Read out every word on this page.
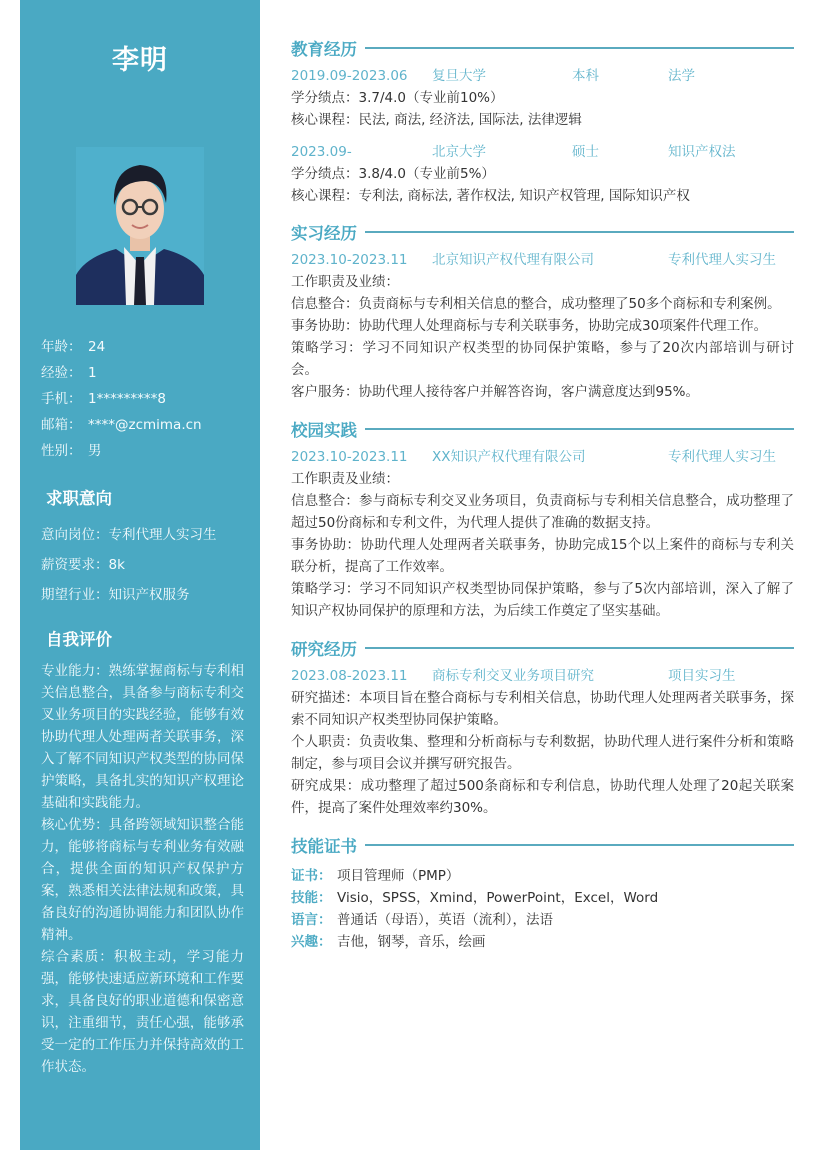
李明
年龄： 24
经验： 1
手机： 1*********8
邮箱： ****@zcmima.cn
性别： 男
求职意向
意向岗位：专利代理人实习生
薪资要求：8k
期望行业：知识产权服务
自我评价
专业能力：熟练掌握商标与专利相关信息整合，具备参与商标专利交叉业务项目的实践经验，能够有效协助代理人处理两者关联事务，深入了解不同知识产权类型的协同保护策略，具备扎实的知识产权理论基础和实践能力。
核心优势：具备跨领域知识整合能力，能够将商标与专利业务有效融合，提供全面的知识产权保护方案，熟悉相关法律法规和政策，具备良好的沟通协调能力和团队协作精神。
综合素质：积极主动，学习能力强，能够快速适应新环境和工作要求，具备良好的职业道德和保密意识，注重细节，责任心强，能够承受一定的工作压力并保持高效的工作状态。
教育经历
2019.09-2023.06 复旦大学	本科	法学
学分绩点：3.7/4.0（专业前10%）
核心课程：民法, 商法, 经济法, 国际法, 法律逻辑
2023.09-	北京大学	硕士	知识产权法
学分绩点：3.8/4.0（专业前5%）
核心课程：专利法, 商标法, 著作权法, 知识产权管理, 国际知识产权
实习经历
2023.10-2023.11 北京知识产权代理有限公司	专利代理人实习生
工作职责及业绩：
信息整合：负责商标与专利相关信息的整合，成功整理了50多个商标和专利案例。
事务协助：协助代理人处理商标与专利关联事务，协助完成30项案件代理工作。
策略学习：学习不同知识产权类型的协同保护策略，参与了20次内部培训与研讨会。
客户服务：协助代理人接待客户并解答咨询，客户满意度达到95%。
校园实践
2023.10-2023.11 XX知识产权代理有限公司	专利代理人实习生
工作职责及业绩：
信息整合：参与商标专利交叉业务项目，负责商标与专利相关信息整合，成功整理了超过50份商标和专利文件，为代理人提供了准确的数据支持。
事务协助：协助代理人处理两者关联事务，协助完成15个以上案件的商标与专利关联分析，提高了工作效率。
策略学习：学习不同知识产权类型协同保护策略，参与了5次内部培训，深入了解了知识产权协同保护的原理和方法，为后续工作奠定了坚实基础。
研究经历
2023.08-2023.11 商标专利交叉业务项目研究	项目实习生
研究描述：本项目旨在整合商标与专利相关信息，协助代理人处理两者关联事务，探索不同知识产权类型协同保护策略。
个人职责：负责收集、整理和分析商标与专利数据，协助代理人进行案件分析和策略制定，参与项目会议并撰写研究报告。
研究成果：成功整理了超过500条商标和专利信息，协助代理人处理了20起关联案件，提高了案件处理效率约30%。
技能证书
证书： 项目管理师（PMP）
技能： Visio，SPSS，Xmind，PowerPoint，Excel，Word
语言： 普通话（母语），英语（流利），法语
兴趣： 吉他，钢琴，音乐，绘画
